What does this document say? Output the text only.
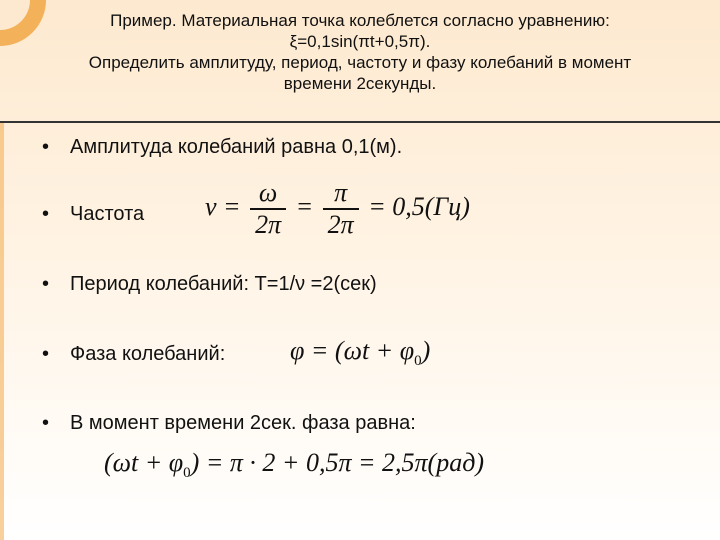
Пример. Материальная точка колеблется согласно уравнению:
ξ=0,1sin(πt+0,5π).
Определить амплитуду, период, частоту и фазу колебаний в момент
времени 2секунды.
•	Амплитуда колебаний равна 0,1(м).
•	Частота $\nu = \frac{\omega}{2\pi} = \frac{\pi}{2\pi} = 0,5(Гц)$
•	Период колебаний: Т=1/ν =2(сек)
•	Фаза колебаний: $\varphi = (\omega t + \varphi_0)$
•	В момент времени 2сек. фаза равна:
$(\omega t + \varphi_0) = \pi \cdot 2 + 0,5\pi = 2,5\pi(рад)$
